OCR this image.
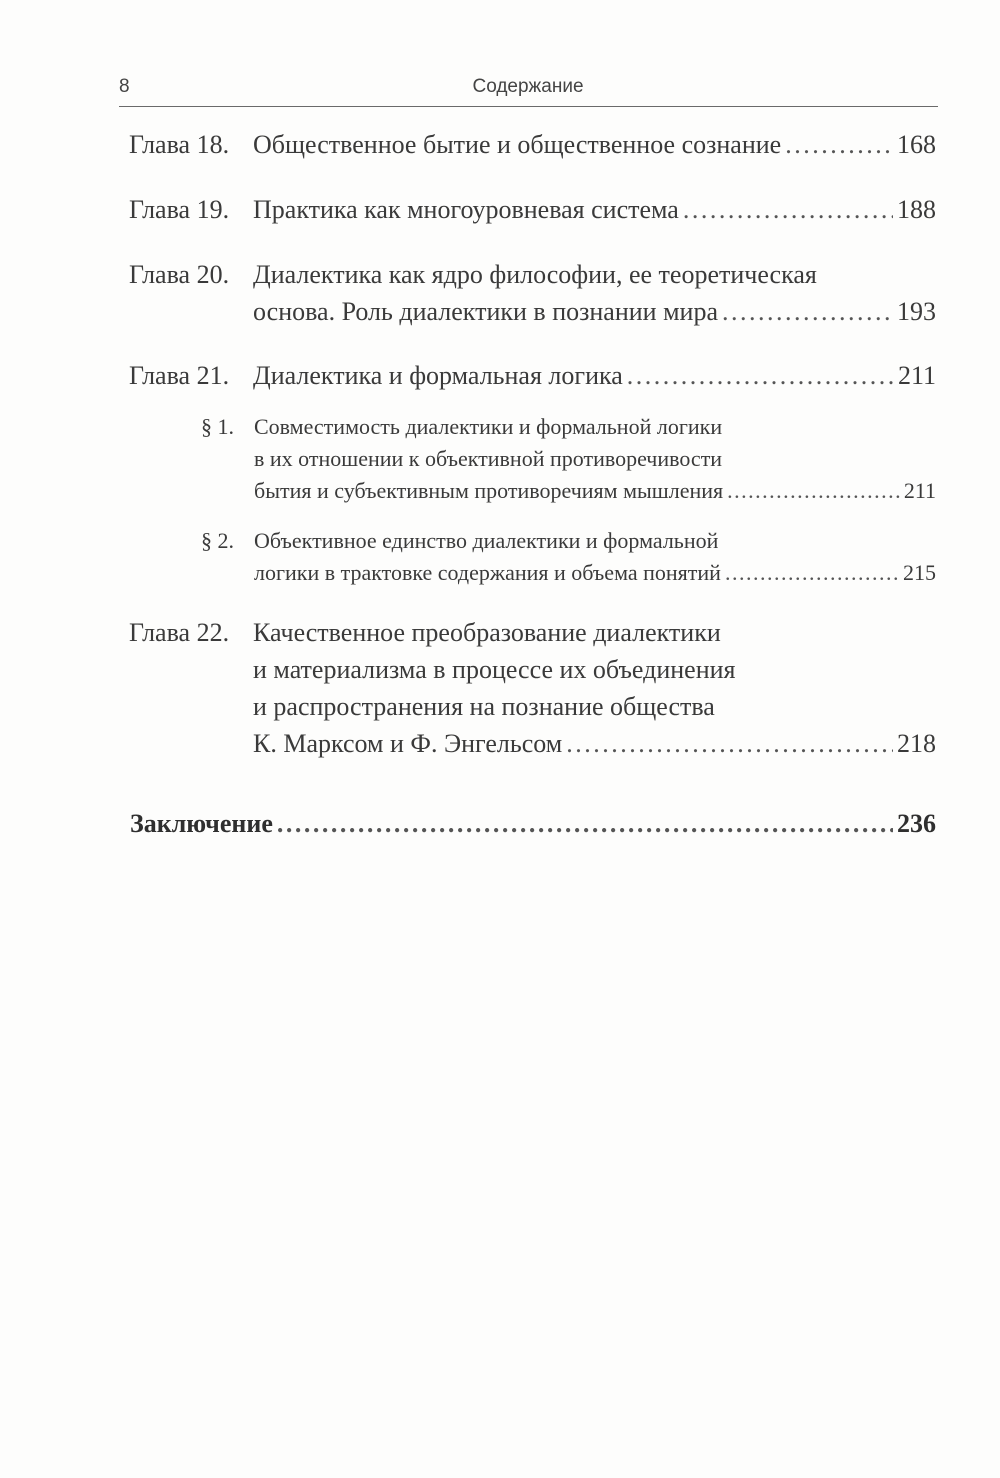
8	Содержание
Глава 18. Общественное бытие и общественное сознание . . .	168
Глава 19. Практика как многоуровневая система . . .	188
Глава 20. Диалектика как ядро философии, ее теоретическая
основа. Роль диалектики в познании мира . . .	193
Глава 21. Диалектика и формальная логика . . .	211
§ 1. Совместимость диалектики и формальной логики
в их отношении к объективной противоречивости
бытия и субъективным противоречиям мышления . . .	211
§ 2. Объективное единство диалектики и формальной
логики в трактовке содержания и объема понятий . . .	215
Глава 22. Качественное преобразование диалектики
и материализма в процессе их объединения
и распространения на познание общества
К. Марксом и Ф. Энгельсом . . .	218
Заключение . . .	236
